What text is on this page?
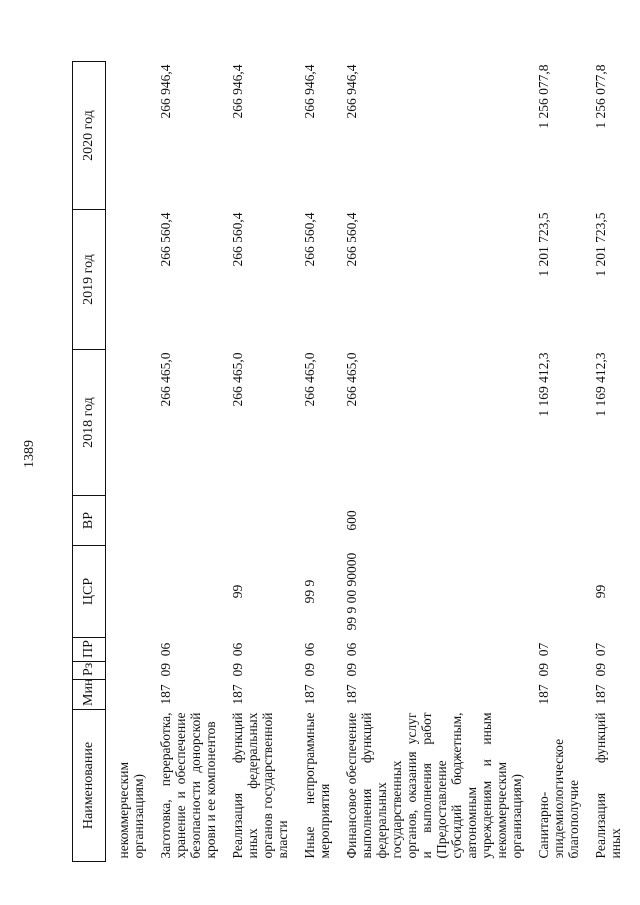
1389
Наименование	Мин	Рз	ПР	ЦСР	ВР	2018 год	2019 год	2020 год
некоммерческим организациям)								
Заготовка, переработка, хранение и обеспечение безопасности донорской крови и ее компонентов	187	09	06			266 465,0	266 560,4	266 946,4
Реализация функций иных федеральных органов государственной власти	187	09	06	99		266 465,0	266 560,4	266 946,4
Иные непрограммные мероприятия	187	09	06	99 9		266 465,0	266 560,4	266 946,4
Финансовое обеспечение выполнения функций федеральных государственных органов, оказания услуг и выполнения работ (Предоставление субсидий бюджетным, автономным учреждениям и иным некоммерческим организациям)	187	09	06	99 9 00 90000	600	266 465,0	266 560,4	266 946,4
Санитарно-эпидемиологическое благополучие	187	09	07			1 169 412,3	1 201 723,5	1 256 077,8
Реализация функций иных	187	09	07	99		1 169 412,3	1 201 723,5	1 256 077,8
